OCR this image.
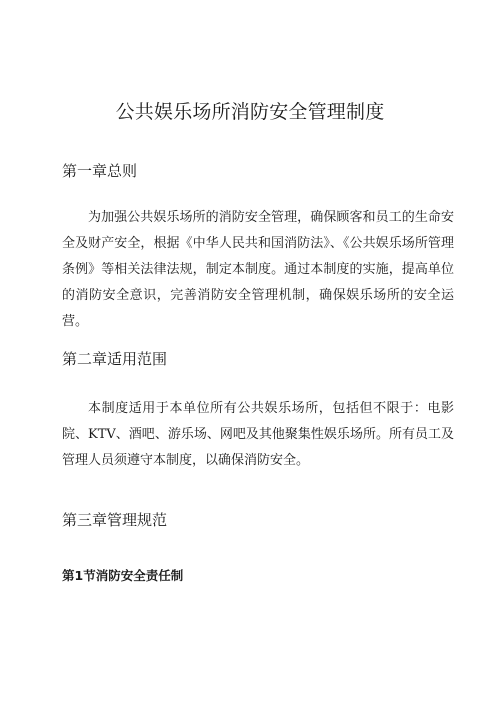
公共娱乐场所消防安全管理制度
第一章总则

为加强公共娱乐场所的消防安全管理，确保顾客和员工的生命安全及财产安全，根据《中华人民共和国消防法》、《公共娱乐场所管理条例》等相关法律法规，制定本制度。通过本制度的实施，提高单位的消防安全意识，完善消防安全管理机制，确保娱乐场所的安全运营。

第二章适用范围

本制度适用于本单位所有公共娱乐场所，包括但不限于：电影院、KTV、酒吧、游乐场、网吧及其他聚集性娱乐场所。所有员工及管理人员须遵守本制度，以确保消防安全。

第三章管理规范
第1节消防安全责任制
